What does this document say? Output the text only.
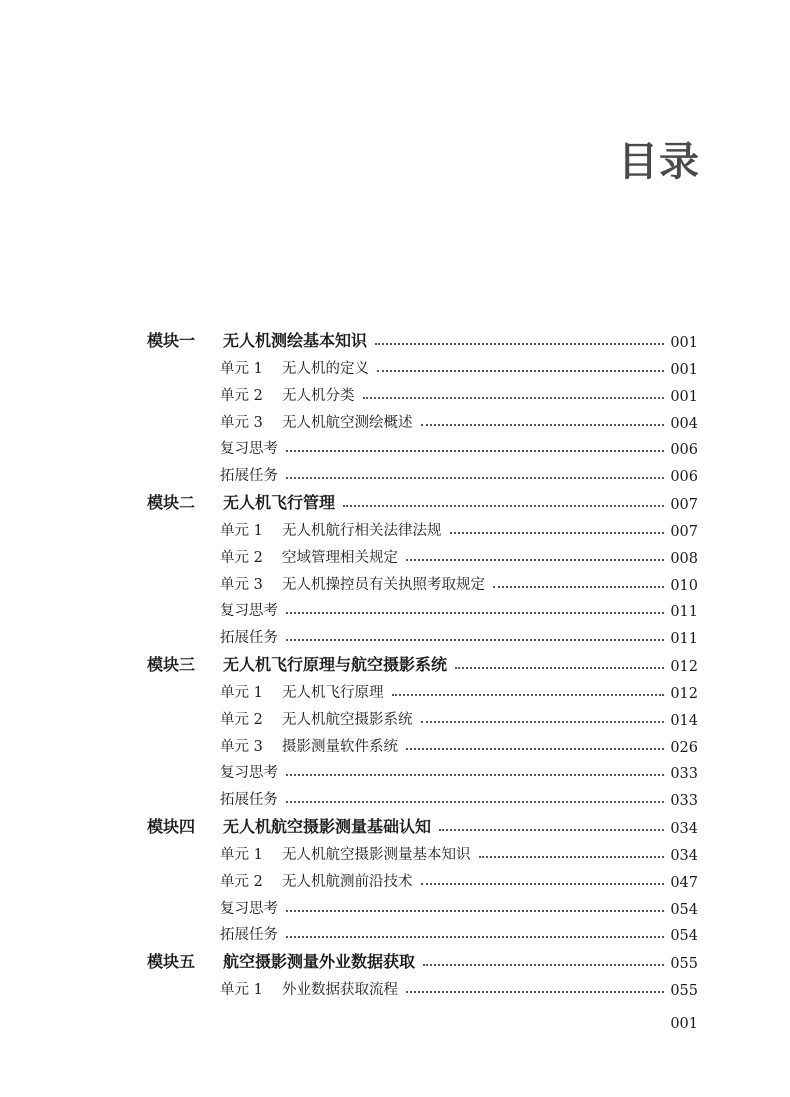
目录
模块一	无人机测绘基本知识	001
单元 1	无人机的定义	001
单元 2	无人机分类	001
单元 3	无人机航空测绘概述	004
复习思考	006
拓展任务	006
模块二	无人机飞行管理	007
单元 1	无人机航行相关法律法规	007
单元 2	空域管理相关规定	008
单元 3	无人机操控员有关执照考取规定	010
复习思考	011
拓展任务	011
模块三	无人机飞行原理与航空摄影系统	012
单元 1	无人机飞行原理	012
单元 2	无人机航空摄影系统	014
单元 3	摄影测量软件系统	026
复习思考	033
拓展任务	033
模块四	无人机航空摄影测量基础认知	034
单元 1	无人机航空摄影测量基本知识	034
单元 2	无人机航测前沿技术	047
复习思考	054
拓展任务	054
模块五	航空摄影测量外业数据获取	055
单元 1	外业数据获取流程	055
001
